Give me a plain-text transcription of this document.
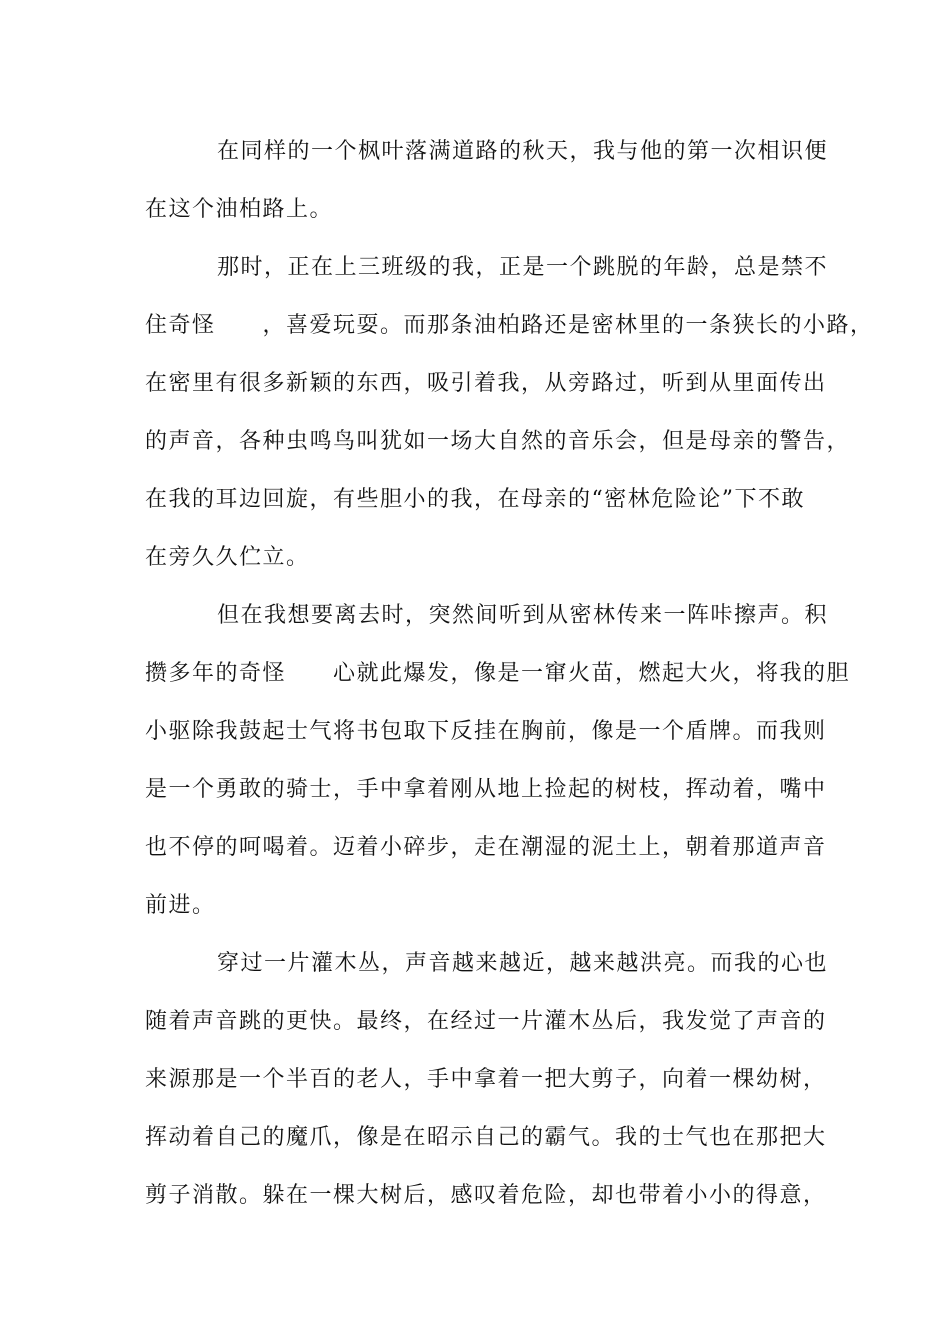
在同样的一个枫叶落满道路的秋天，我与他的第一次相识便
在这个油柏路上。

那时，正在上三班级的我，正是一个跳脱的年龄，总是禁不
住奇怪　　，喜爱玩耍。而那条油柏路还是密林里的一条狭长的小路，
在密里有很多新颖的东西，吸引着我，从旁路过，听到从里面传出
的声音，各种虫鸣鸟叫犹如一场大自然的音乐会，但是母亲的警告，
在我的耳边回旋，有些胆小的我，在母亲的“密林危险论”下不敢
在旁久久伫立。

但在我想要离去时，突然间听到从密林传来一阵咔擦声。积
攒多年的奇怪　　心就此爆发，像是一窜火苗，燃起大火，将我的胆
小驱除我鼓起士气将书包取下反挂在胸前，像是一个盾牌。而我则
是一个勇敢的骑士，手中拿着刚从地上捡起的树枝，挥动着，嘴中
也不停的呵喝着。迈着小碎步，走在潮湿的泥土上，朝着那道声音
前进。

穿过一片灌木丛，声音越来越近，越来越洪亮。而我的心也
随着声音跳的更快。最终，在经过一片灌木丛后，我发觉了声音的
来源那是一个半百的老人，手中拿着一把大剪子，向着一棵幼树，
挥动着自己的魔爪，像是在昭示自己的霸气。我的士气也在那把大
剪子消散。躲在一棵大树后，感叹着危险，却也带着小小的得意，
